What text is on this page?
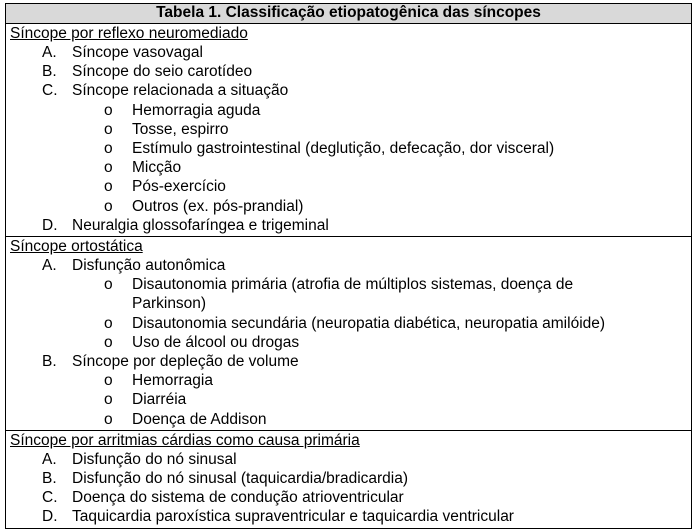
Tabela 1. Classificação etiopatogênica das síncopes
Síncope por reflexo neuromediado
A. Síncope vasovagal
B. Síncope do seio carotídeo
C. Síncope relacionada a situação
o Hemorragia aguda
o Tosse, espirro
o Estímulo gastrointestinal (deglutição, defecação, dor visceral)
o Micção
o Pós-exercício
o Outros (ex. pós-prandial)
D. Neuralgia glossofaríngea e trigeminal
Síncope ortostática
A. Disfunção autonômica
o Disautonomia primária (atrofia de múltiplos sistemas, doença de Parkinson)
o Disautonomia secundária (neuropatia diabética, neuropatia amilóide)
o Uso de álcool ou drogas
B. Síncope por depleção de volume
o Hemorragia
o Diarréia
o Doença de Addison
Síncope por arritmias cárdias como causa primária
A. Disfunção do nó sinusal
B. Disfunção do nó sinusal (taquicardia/bradicardia)
C. Doença do sistema de condução atrioventricular
D. Taquicardia paroxística supraventricular e taquicardia ventricular
